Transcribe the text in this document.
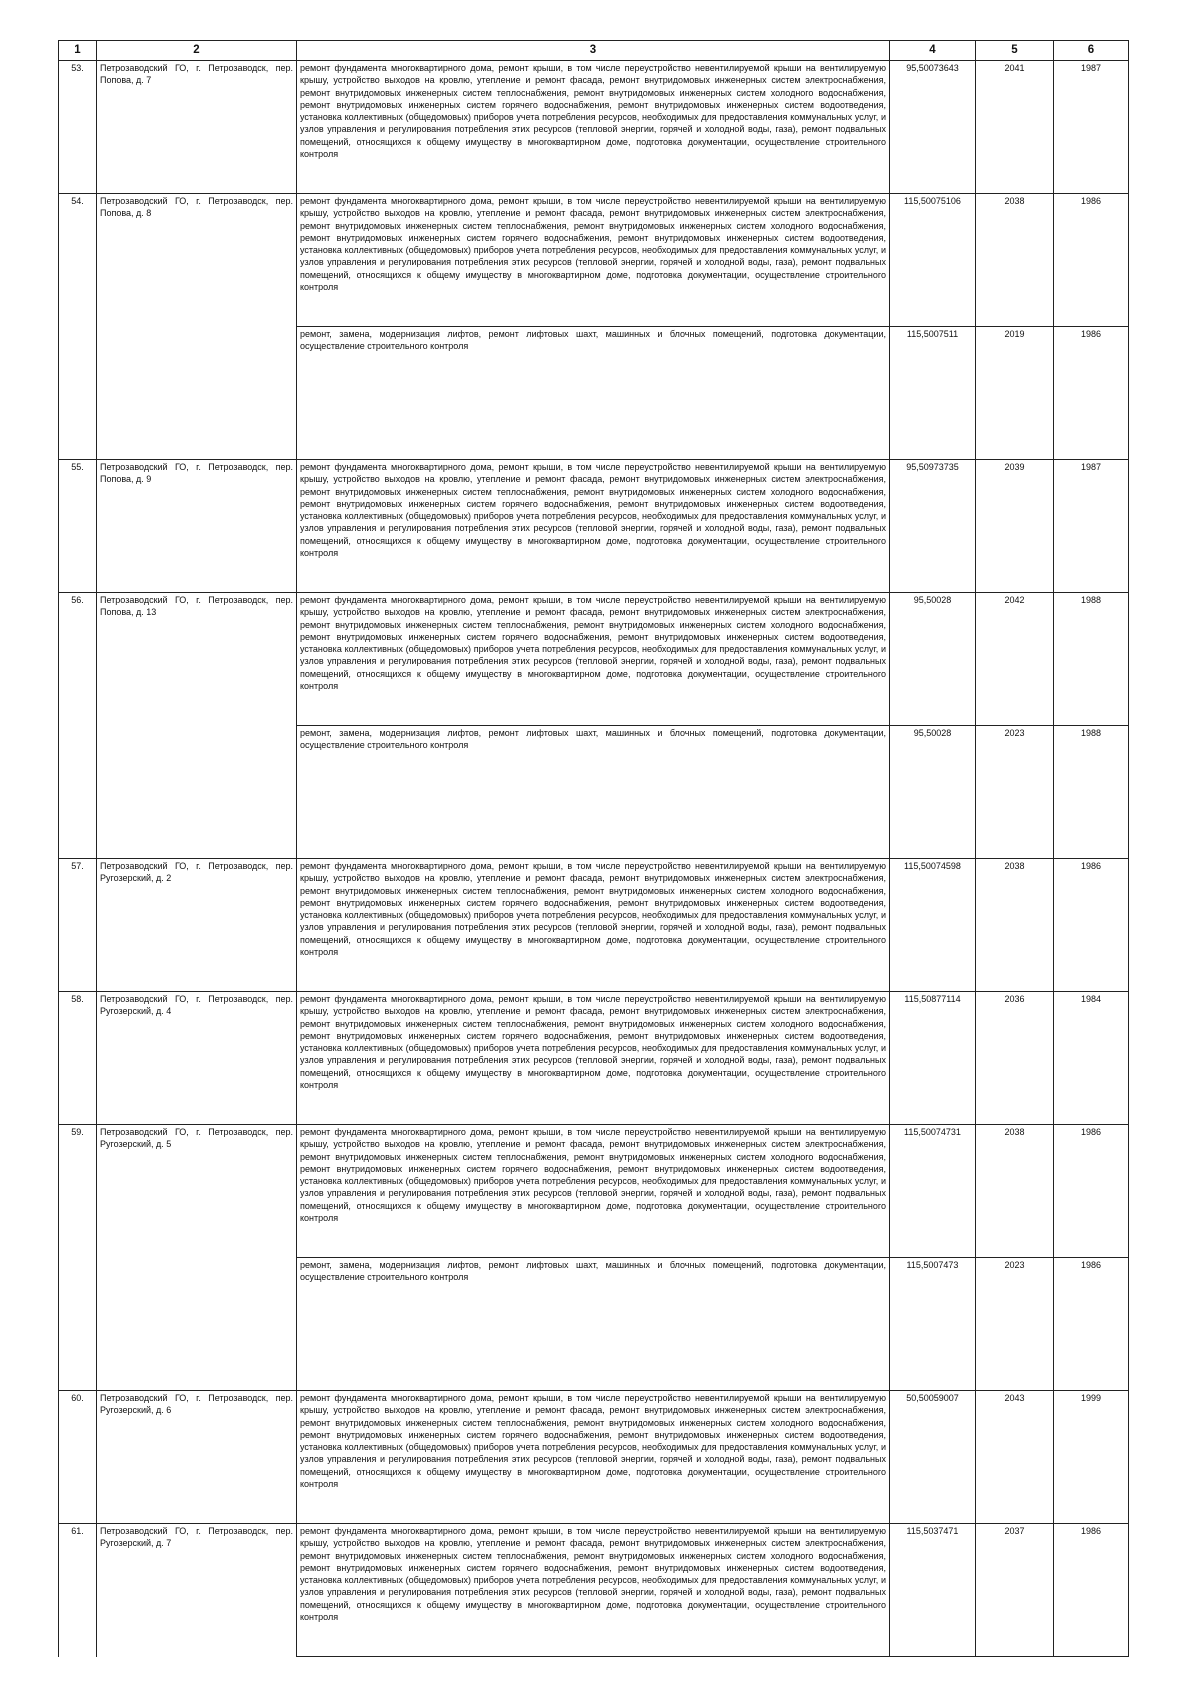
1	2	3	4	5	6
53.	Петрозаводский ГО, г. Петрозаводск, пер. Попова, д. 7	ремонт фундамента многоквартирного дома, ремонт крыши, в том числе переустройство невентилируемой крыши на вентилируемую крышу, устройство выходов на кровлю, утепление и ремонт фасада, ремонт внутридомовых инженерных систем электроснабжения, ремонт внутридомовых инженерных систем теплоснабжения, ремонт внутридомовых инженерных систем холодного водоснабжения, ремонт внутридомовых инженерных систем горячего водоснабжения, ремонт внутридомовых инженерных систем водоотведения, установка коллективных (общедомовых) приборов учета потребления ресурсов, необходимых для предоставления коммунальных услуг, и узлов управления и регулирования потребления этих ресурсов (тепловой энергии, горячей и холодной воды, газа), ремонт подвальных помещений, относящихся к общему имуществу в многоквартирном доме, подготовка документации, осуществление строительного контроля	95,50073643	2041	1987
54.	Петрозаводский ГО, г. Петрозаводск, пер. Попова, д. 8	ремонт фундамента многоквартирного дома, ремонт крыши, в том числе переустройство невентилируемой крыши на вентилируемую крышу, устройство выходов на кровлю, утепление и ремонт фасада, ремонт внутридомовых инженерных систем электроснабжения, ремонт внутридомовых инженерных систем теплоснабжения, ремонт внутридомовых инженерных систем холодного водоснабжения, ремонт внутридомовых инженерных систем горячего водоснабжения, ремонт внутридомовых инженерных систем водоотведения, установка коллективных (общедомовых) приборов учета потребления ресурсов, необходимых для предоставления коммунальных услуг, и узлов управления и регулирования потребления этих ресурсов (тепловой энергии, горячей и холодной воды, газа), ремонт подвальных помещений, относящихся к общему имуществу в многоквартирном доме, подготовка документации, осуществление строительного контроля	115,50075106	2038	1986
		ремонт, замена, модернизация лифтов, ремонт лифтовых шахт, машинных и блочных помещений, подготовка документации, осуществление строительного контроля	115,5007511	2019	1986
55.	Петрозаводский ГО, г. Петрозаводск, пер. Попова, д. 9	ремонт фундамента многоквартирного дома, ремонт крыши, в том числе переустройство невентилируемой крыши на вентилируемую крышу, устройство выходов на кровлю, утепление и ремонт фасада, ремонт внутридомовых инженерных систем электроснабжения, ремонт внутридомовых инженерных систем теплоснабжения, ремонт внутридомовых инженерных систем холодного водоснабжения, ремонт внутридомовых инженерных систем горячего водоснабжения, ремонт внутридомовых инженерных систем водоотведения, установка коллективных (общедомовых) приборов учета потребления ресурсов, необходимых для предоставления коммунальных услуг, и узлов управления и регулирования потребления этих ресурсов (тепловой энергии, горячей и холодной воды, газа), ремонт подвальных помещений, относящихся к общему имуществу в многоквартирном доме, подготовка документации, осуществление строительного контроля	95,50973735	2039	1987
56.	Петрозаводский ГО, г. Петрозаводск, пер. Попова, д. 13	ремонт фундамента многоквартирного дома, ремонт крыши, в том числе переустройство невентилируемой крыши на вентилируемую крышу, устройство выходов на кровлю, утепление и ремонт фасада, ремонт внутридомовых инженерных систем электроснабжения, ремонт внутридомовых инженерных систем теплоснабжения, ремонт внутридомовых инженерных систем холодного водоснабжения, ремонт внутридомовых инженерных систем горячего водоснабжения, ремонт внутридомовых инженерных систем водоотведения, установка коллективных (общедомовых) приборов учета потребления ресурсов, необходимых для предоставления коммунальных услуг, и узлов управления и регулирования потребления этих ресурсов (тепловой энергии, горячей и холодной воды, газа), ремонт подвальных помещений, относящихся к общему имуществу в многоквартирном доме, подготовка документации, осуществление строительного контроля	95,50028	2042	1988
		ремонт, замена, модернизация лифтов, ремонт лифтовых шахт, машинных и блочных помещений, подготовка документации, осуществление строительного контроля	95,50028	2023	1988
57.	Петрозаводский ГО, г. Петрозаводск, пер. Ругозерский, д. 2	ремонт фундамента многоквартирного дома, ремонт крыши, в том числе переустройство невентилируемой крыши на вентилируемую крышу, устройство выходов на кровлю, утепление и ремонт фасада, ремонт внутридомовых инженерных систем электроснабжения, ремонт внутридомовых инженерных систем теплоснабжения, ремонт внутридомовых инженерных систем холодного водоснабжения, ремонт внутридомовых инженерных систем горячего водоснабжения, ремонт внутридомовых инженерных систем водоотведения, установка коллективных (общедомовых) приборов учета потребления ресурсов, необходимых для предоставления коммунальных услуг, и узлов управления и регулирования потребления этих ресурсов (тепловой энергии, горячей и холодной воды, газа), ремонт подвальных помещений, относящихся к общему имуществу в многоквартирном доме, подготовка документации, осуществление строительного контроля	115,50074598	2038	1986
58.	Петрозаводский ГО, г. Петрозаводск, пер. Ругозерский, д. 4	ремонт фундамента многоквартирного дома, ремонт крыши, в том числе переустройство невентилируемой крыши на вентилируемую крышу, устройство выходов на кровлю, утепление и ремонт фасада, ремонт внутридомовых инженерных систем электроснабжения, ремонт внутридомовых инженерных систем теплоснабжения, ремонт внутридомовых инженерных систем холодного водоснабжения, ремонт внутридомовых инженерных систем горячего водоснабжения, ремонт внутридомовых инженерных систем водоотведения, установка коллективных (общедомовых) приборов учета потребления ресурсов, необходимых для предоставления коммунальных услуг, и узлов управления и регулирования потребления этих ресурсов (тепловой энергии, горячей и холодной воды, газа), ремонт подвальных помещений, относящихся к общему имуществу в многоквартирном доме, подготовка документации, осуществление строительного контроля	115,50877114	2036	1984
59.	Петрозаводский ГО, г. Петрозаводск, пер. Ругозерский, д. 5	ремонт фундамента многоквартирного дома, ремонт крыши, в том числе переустройство невентилируемой крыши на вентилируемую крышу, устройство выходов на кровлю, утепление и ремонт фасада, ремонт внутридомовых инженерных систем электроснабжения, ремонт внутридомовых инженерных систем теплоснабжения, ремонт внутридомовых инженерных систем холодного водоснабжения, ремонт внутридомовых инженерных систем горячего водоснабжения, ремонт внутридомовых инженерных систем водоотведения, установка коллективных (общедомовых) приборов учета потребления ресурсов, необходимых для предоставления коммунальных услуг, и узлов управления и регулирования потребления этих ресурсов (тепловой энергии, горячей и холодной воды, газа), ремонт подвальных помещений, относящихся к общему имуществу в многоквартирном доме, подготовка документации, осуществление строительного контроля	115,50074731	2038	1986
		ремонт, замена, модернизация лифтов, ремонт лифтовых шахт, машинных и блочных помещений, подготовка документации, осуществление строительного контроля	115,5007473	2023	1986
60.	Петрозаводский ГО, г. Петрозаводск, пер. Ругозерский, д. 6	ремонт фундамента многоквартирного дома, ремонт крыши, в том числе переустройство невентилируемой крыши на вентилируемую крышу, устройство выходов на кровлю, утепление и ремонт фасада, ремонт внутридомовых инженерных систем электроснабжения, ремонт внутридомовых инженерных систем теплоснабжения, ремонт внутридомовых инженерных систем холодного водоснабжения, ремонт внутридомовых инженерных систем горячего водоснабжения, ремонт внутридомовых инженерных систем водоотведения, установка коллективных (общедомовых) приборов учета потребления ресурсов, необходимых для предоставления коммунальных услуг, и узлов управления и регулирования потребления этих ресурсов (тепловой энергии, горячей и холодной воды, газа), ремонт подвальных помещений, относящихся к общему имуществу в многоквартирном доме, подготовка документации, осуществление строительного контроля	50,50059007	2043	1999
61.	Петрозаводский ГО, г. Петрозаводск, пер. Ругозерский, д. 7	ремонт фундамента многоквартирного дома, ремонт крыши, в том числе переустройство невентилируемой крыши на вентилируемую крышу, устройство выходов на кровлю, утепление и ремонт фасада, ремонт внутридомовых инженерных систем электроснабжения, ремонт внутридомовых инженерных систем теплоснабжения, ремонт внутридомовых инженерных систем холодного водоснабжения, ремонт внутридомовых инженерных систем горячего водоснабжения, ремонт внутридомовых инженерных систем водоотведения, установка коллективных (общедомовых) приборов учета потребления ресурсов, необходимых для предоставления коммунальных услуг, и узлов управления и регулирования потребления этих ресурсов (тепловой энергии, горячей и холодной воды, газа), ремонт подвальных помещений, относящихся к общему имуществу в многоквартирном доме, подготовка документации, осуществление строительного контроля	115,5037471	2037	1986
